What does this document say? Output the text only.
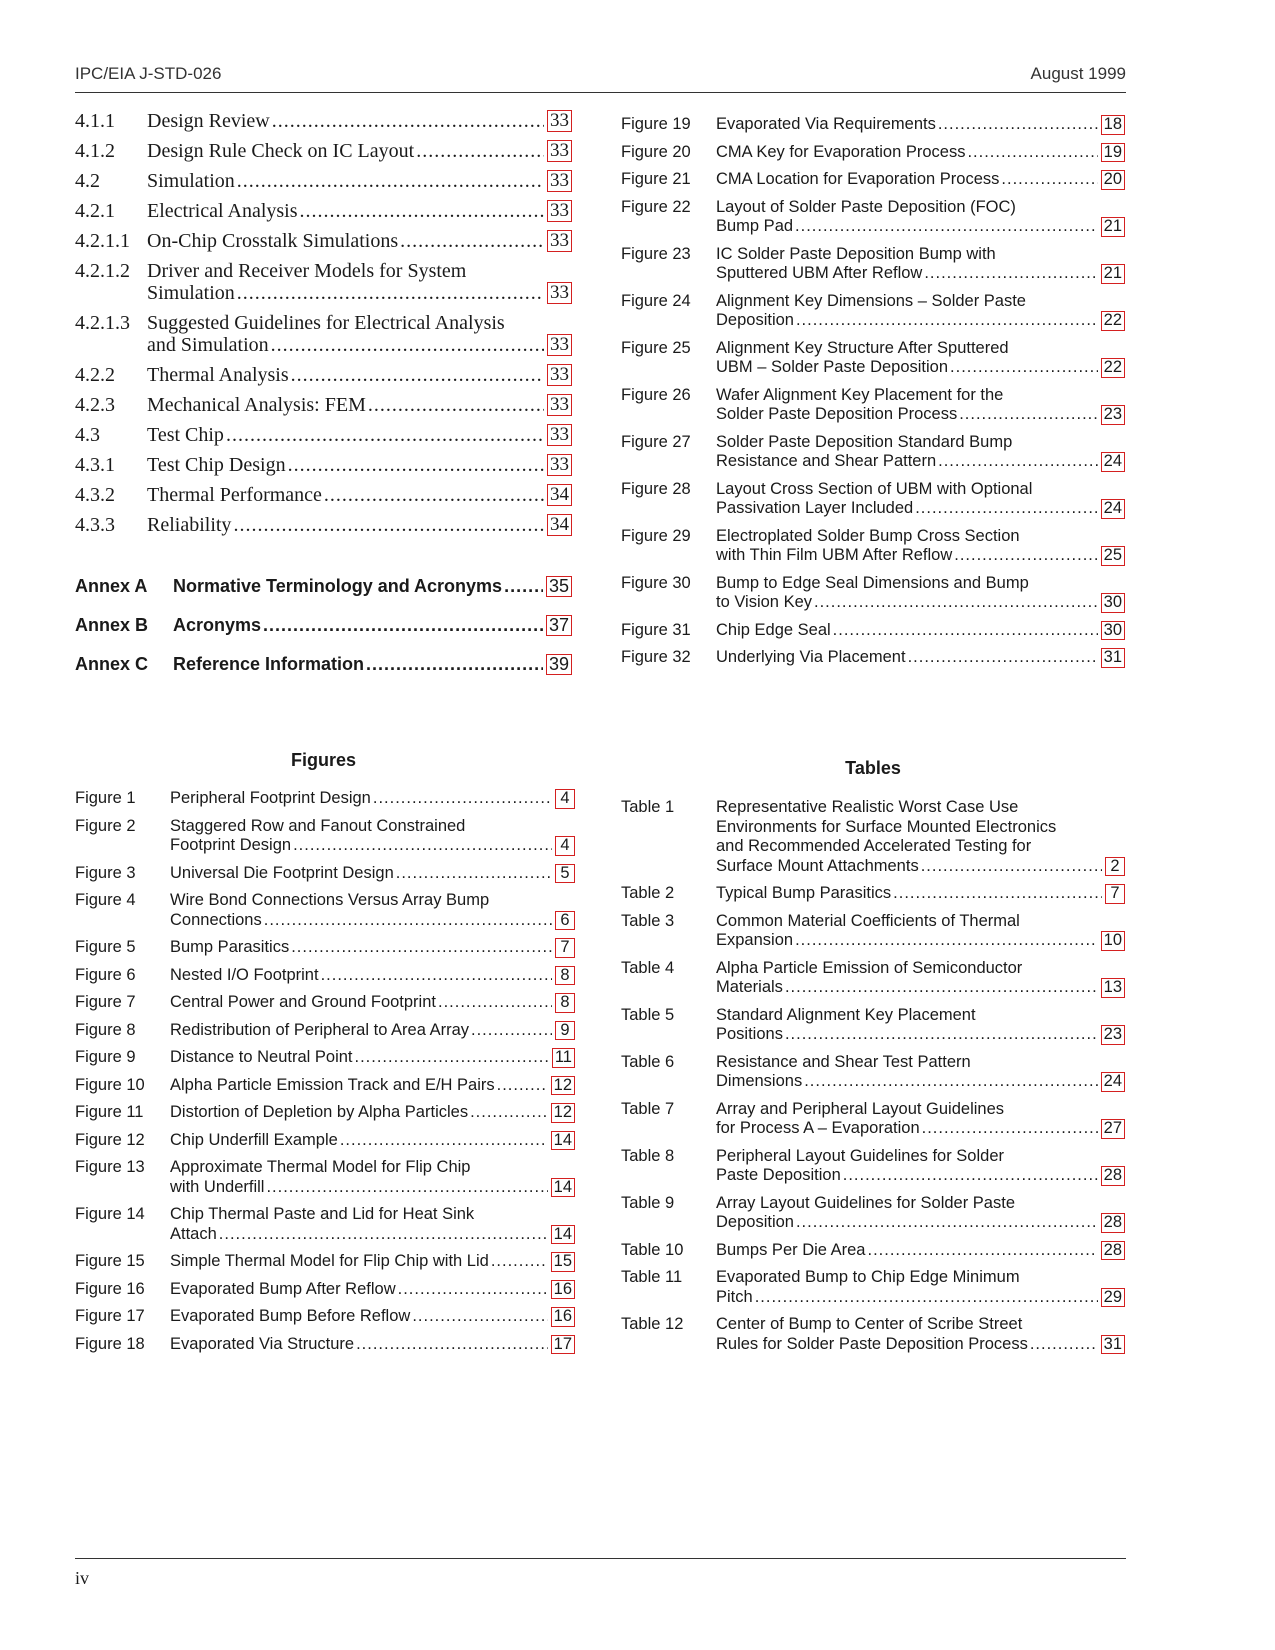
IPC/EIA J-STD-026	August 1999
4.1.1	Design Review .....	33
4.1.2	Design Rule Check on IC Layout .....	33
4.2	Simulation .....	33
4.2.1	Electrical Analysis .....	33
4.2.1.1 On-Chip Crosstalk Simulations .....	33
4.2.1.2 Driver and Receiver Models for System
Simulation .....	33
4.2.1.3 Suggested Guidelines for Electrical Analysis
and Simulation .....	33
4.2.2	Thermal Analysis .....	33
4.2.3	Mechanical Analysis: FEM .....	33
4.3	Test Chip .....	33
4.3.1	Test Chip Design .....	33
4.3.2	Thermal Performance .....	34
4.3.3	Reliability .....	34
Annex A	Normative Terminology and Acronyms .....	35
Annex B	Acronyms .....	37
Annex C	Reference Information .....	39
Figures
Figure 1	Peripheral Footprint Design .....	4
Figure 2	Staggered Row and Fanout Constrained
Footprint Design .....	4
Figure 3	Universal Die Footprint Design .....	5
Figure 4	Wire Bond Connections Versus Array Bump
Connections .....	6
Figure 5	Bump Parasitics .....	7
Figure 6	Nested I/O Footprint .....	8
Figure 7	Central Power and Ground Footprint .....	8
Figure 8	Redistribution of Peripheral to Area Array .....	9
Figure 9	Distance to Neutral Point .....	11
Figure 10	Alpha Particle Emission Track and E/H Pairs .....	12
Figure 11	Distortion of Depletion by Alpha Particles .....	12
Figure 12	Chip Underfill Example .....	14
Figure 13	Approximate Thermal Model for Flip Chip
with Underfill .....	14
Figure 14	Chip Thermal Paste and Lid for Heat Sink
Attach .....	14
Figure 15	Simple Thermal Model for Flip Chip with Lid .....	15
Figure 16	Evaporated Bump After Reflow .....	16
Figure 17	Evaporated Bump Before Reflow .....	16
Figure 18	Evaporated Via Structure .....	17
Figure 19	Evaporated Via Requirements .....	18
Figure 20	CMA Key for Evaporation Process .....	19
Figure 21	CMA Location for Evaporation Process .....	20
Figure 22	Layout of Solder Paste Deposition (FOC)
Bump Pad .....	21
Figure 23	IC Solder Paste Deposition Bump with
Sputtered UBM After Reflow .....	21
Figure 24	Alignment Key Dimensions – Solder Paste
Deposition .....	22
Figure 25	Alignment Key Structure After Sputtered
UBM – Solder Paste Deposition .....	22
Figure 26	Wafer Alignment Key Placement for the
Solder Paste Deposition Process .....	23
Figure 27	Solder Paste Deposition Standard Bump
Resistance and Shear Pattern .....	24
Figure 28	Layout Cross Section of UBM with Optional
Passivation Layer Included .....	24
Figure 29	Electroplated Solder Bump Cross Section
with Thin Film UBM After Reflow .....	25
Figure 30	Bump to Edge Seal Dimensions and Bump
to Vision Key .....	30
Figure 31	Chip Edge Seal .....	30
Figure 32	Underlying Via Placement .....	31
Tables
Table 1	Representative Realistic Worst Case Use
Environments for Surface Mounted Electronics
and Recommended Accelerated Testing for
Surface Mount Attachments .....	2
Table 2	Typical Bump Parasitics .....	7
Table 3	Common Material Coefficients of Thermal
Expansion .....	10
Table 4	Alpha Particle Emission of Semiconductor
Materials .....	13
Table 5	Standard Alignment Key Placement
Positions .....	23
Table 6	Resistance and Shear Test Pattern
Dimensions .....	24
Table 7	Array and Peripheral Layout Guidelines
for Process A – Evaporation .....	27
Table 8	Peripheral Layout Guidelines for Solder
Paste Deposition .....	28
Table 9	Array Layout Guidelines for Solder Paste
Deposition .....	28
Table 10	Bumps Per Die Area .....	28
Table 11	Evaporated Bump to Chip Edge Minimum
Pitch .....	29
Table 12	Center of Bump to Center of Scribe Street
Rules for Solder Paste Deposition Process .....	31
iv
